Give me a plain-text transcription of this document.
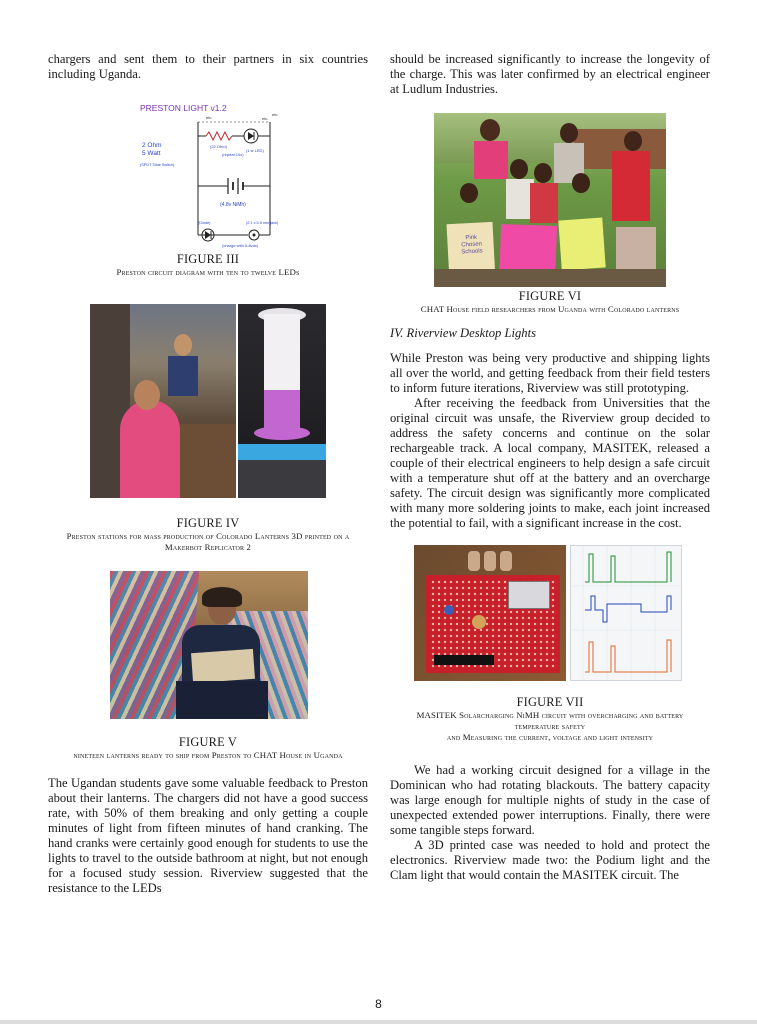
chargers and sent them to their partners in six countries including Uganda.

PRESTON LIGHT v1.2
etc.	etc.
(22 Ohm)
(repeat 10x)
(1 w LED)
2 Ohm
5 Watt
(SPDT Slide Switch)
(4.8v NiMh)
(Diode)	(2.1 x 5.5 mm jack)
(charge with 5-8vdc)
etc.
FIGURE III
Preston circuit diagram with ten to twelve LEDs
FIGURE IV
Preston stations for mass production of Colorado Lanterns 3D printed on a Makerbot Replicator 2
FIGURE V
nineteen lanterns ready to ship from Preston to CHAT House in Uganda

The Ugandan students gave some valuable feedback to Preston about their lanterns. The chargers did not have a good success rate, with 50% of them breaking and only getting a couple minutes of light from fifteen minutes of hand cranking. The hand cranks were certainly good enough for students to use the lights to travel to the outside bathroom at night, but not enough for a focused study session. Riverview suggested that the resistance to the LEDs

should be increased significantly to increase the longevity of the charge. This was later confirmed by an electrical engineer at Ludlum Industries.

Pink
Chosen
Schools
FIGURE VI
CHAT House field researchers from Uganda with Colorado lanterns
IV. Riverview Desktop Lights

While Preston was being very productive and shipping lights all over the world, and getting feedback from their field testers to inform future iterations, Riverview was still prototyping.

After receiving the feedback from Universities that the original circuit was unsafe, the Riverview group decided to address the safety concerns and continue on the solar rechargeable track. A local company, MASITEK, released a couple of their electrical engineers to help design a safe circuit with a temperature shut off at the battery and an overcharge safety. The circuit design was significantly more complicated with many more soldering joints to make, each joint increased the potential to fail, with a significant increase in the cost.

FIGURE VII
MASITEK Solarcharging NiMH circuit with overcharging and battery temperature safety
and Measuring the current, voltage and light intensity

We had a working circuit designed for a village in the Dominican who had rotating blackouts. The battery capacity was large enough for multiple nights of study in the case of unexpected extended power interruptions. Finally, there were some tangible steps forward.

A 3D printed case was needed to hold and protect the electronics. Riverview made two: the Podium light and the Clam light that would contain the MASITEK circuit. The

8
